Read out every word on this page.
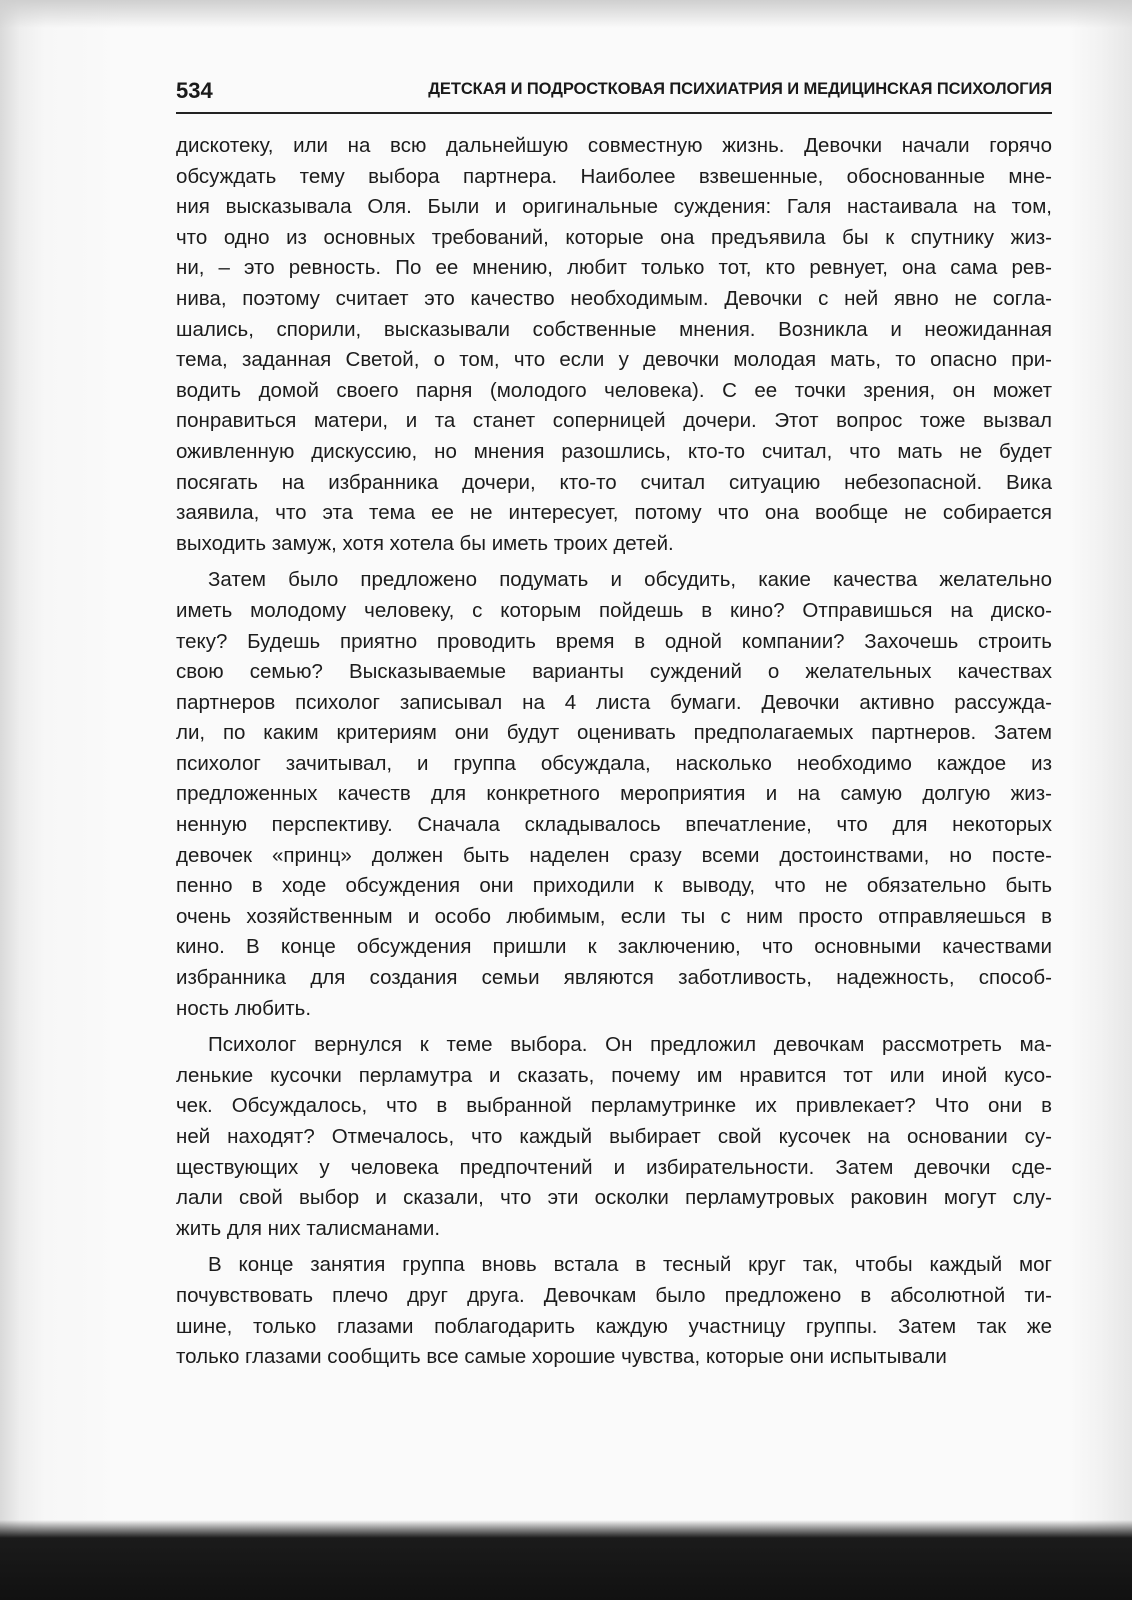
534	ДЕТСКАЯ И ПОДРОСТКОВАЯ ПСИХИАТРИЯ И МЕДИЦИНСКАЯ ПСИХОЛОГИЯ
дискотеку, или на всю дальнейшую совместную жизнь. Девочки начали горячо
обсуждать тему выбора партнера. Наиболее взвешенные, обоснованные мне-
ния высказывала Оля. Были и оригинальные суждения: Галя настаивала на том,
что одно из основных требований, которые она предъявила бы к спутнику жиз-
ни, – это ревность. По ее мнению, любит только тот, кто ревнует, она сама рев-
нива, поэтому считает это качество необходимым. Девочки с ней явно не согла-
шались, спорили, высказывали собственные мнения. Возникла и неожиданная
тема, заданная Светой, о том, что если у девочки молодая мать, то опасно при-
водить домой своего парня (молодого человека). С ее точки зрения, он может
понравиться матери, и та станет соперницей дочери. Этот вопрос тоже вызвал
оживленную дискуссию, но мнения разошлись, кто-то считал, что мать не будет
посягать на избранника дочери, кто-то считал ситуацию небезопасной. Вика
заявила, что эта тема ее не интересует, потому что она вообще не собирается
выходить замуж, хотя хотела бы иметь троих детей.
Затем было предложено подумать и обсудить, какие качества желательно
иметь молодому человеку, с которым пойдешь в кино? Отправишься на диско-
теку? Будешь приятно проводить время в одной компании? Захочешь строить
свою семью? Высказываемые варианты суждений о желательных качествах
партнеров психолог записывал на 4 листа бумаги. Девочки активно рассужда-
ли, по каким критериям они будут оценивать предполагаемых партнеров. Затем
психолог зачитывал, и группа обсуждала, насколько необходимо каждое из
предложенных качеств для конкретного мероприятия и на самую долгую жиз-
ненную перспективу. Сначала складывалось впечатление, что для некоторых
девочек «принц» должен быть наделен сразу всеми достоинствами, но посте-
пенно в ходе обсуждения они приходили к выводу, что не обязательно быть
очень хозяйственным и особо любимым, если ты с ним просто отправляешься в
кино. В конце обсуждения пришли к заключению, что основными качествами
избранника для создания семьи являются заботливость, надежность, способ-
ность любить.
Психолог вернулся к теме выбора. Он предложил девочкам рассмотреть ма-
ленькие кусочки перламутра и сказать, почему им нравится тот или иной кусо-
чек. Обсуждалось, что в выбранной перламутринке их привлекает? Что они в
ней находят? Отмечалось, что каждый выбирает свой кусочек на основании су-
ществующих у человека предпочтений и избирательности. Затем девочки сде-
лали свой выбор и сказали, что эти осколки перламутровых раковин могут слу-
жить для них талисманами.
В конце занятия группа вновь встала в тесный круг так, чтобы каждый мог
почувствовать плечо друг друга. Девочкам было предложено в абсолютной ти-
шине, только глазами поблагодарить каждую участницу группы. Затем так же
только глазами сообщить все самые хорошие чувства, которые они испытывали
